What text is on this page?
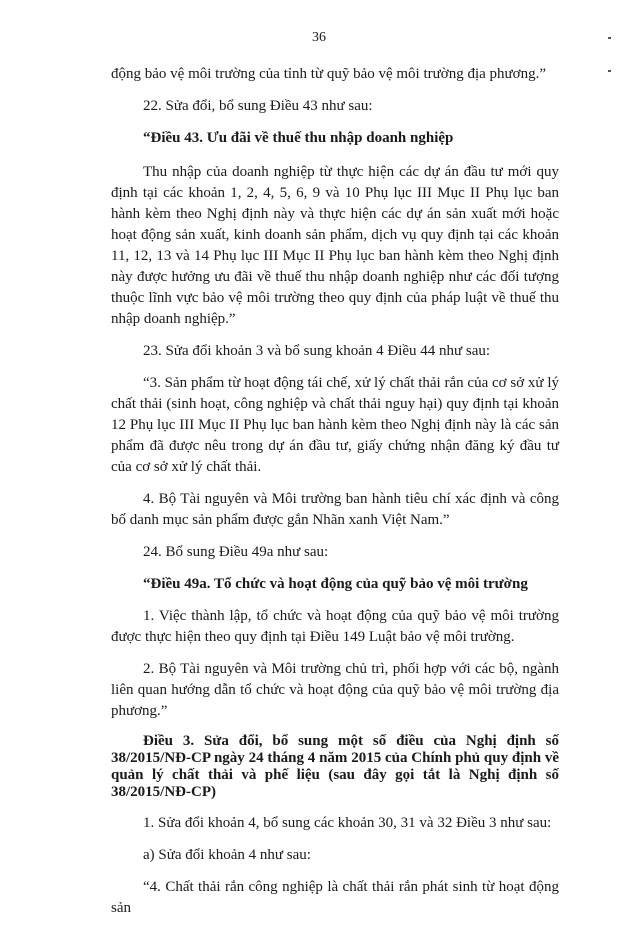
36

động bảo vệ môi trường của tỉnh từ quỹ bảo vệ môi trường địa phương.”

22. Sửa đổi, bổ sung Điều 43 như sau:

“Điều 43. Ưu đãi về thuế thu nhập doanh nghiệp

Thu nhập của doanh nghiệp từ thực hiện các dự án đầu tư mới quy định tại các khoản 1, 2, 4, 5, 6, 9 và 10 Phụ lục III Mục II Phụ lục ban hành kèm theo Nghị định này và thực hiện các dự án sản xuất mới hoặc hoạt động sản xuất, kinh doanh sản phẩm, dịch vụ quy định tại các khoản 11, 12, 13 và 14 Phụ lục III Mục II Phụ lục ban hành kèm theo Nghị định này được hưởng ưu đãi về thuế thu nhập doanh nghiệp như các đối tượng thuộc lĩnh vực bảo vệ môi trường theo quy định của pháp luật về thuế thu nhập doanh nghiệp.”

23. Sửa đổi khoản 3 và bổ sung khoản 4 Điều 44 như sau:

“3. Sản phẩm từ hoạt động tái chế, xử lý chất thải rắn của cơ sở xử lý chất thải (sinh hoạt, công nghiệp và chất thải nguy hại) quy định tại khoản 12 Phụ lục III Mục II Phụ lục ban hành kèm theo Nghị định này là các sản phẩm đã được nêu trong dự án đầu tư, giấy chứng nhận đăng ký đầu tư của cơ sở xử lý chất thải.

4. Bộ Tài nguyên và Môi trường ban hành tiêu chí xác định và công bố danh mục sản phẩm được gắn Nhãn xanh Việt Nam.”

24. Bổ sung Điều 49a như sau:

“Điều 49a. Tổ chức và hoạt động của quỹ bảo vệ môi trường

1. Việc thành lập, tổ chức và hoạt động của quỹ bảo vệ môi trường được thực hiện theo quy định tại Điều 149 Luật bảo vệ môi trường.

2. Bộ Tài nguyên và Môi trường chủ trì, phối hợp với các bộ, ngành liên quan hướng dẫn tổ chức và hoạt động của quỹ bảo vệ môi trường địa phương.”

Điều 3. Sửa đổi, bổ sung một số điều của Nghị định số 38/2015/NĐ-CP ngày 24 tháng 4 năm 2015 của Chính phủ quy định về quản lý chất thải và phế liệu (sau đây gọi tắt là Nghị định số 38/2015/NĐ-CP)

1. Sửa đổi khoản 4, bổ sung các khoản 30, 31 và 32 Điều 3 như sau:

a) Sửa đổi khoản 4 như sau:

“4. Chất thải rắn công nghiệp là chất thải rắn phát sinh từ hoạt động sản
